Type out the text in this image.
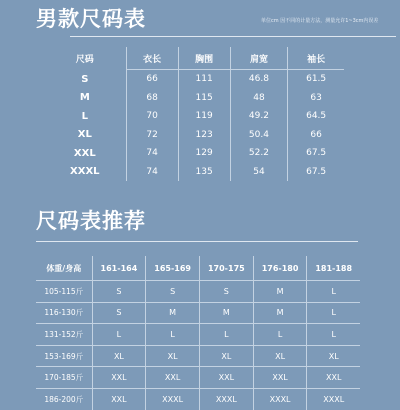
男款尺码表	单位cm 因不同的计量方法，测量允许1~3cm内误差
尺码	衣长	胸围	肩宽	袖长
S	66	111	46.8	61.5
M	68	115	48	63
L	70	119	49.2	64.5
XL	72	123	50.4	66
XXL	74	129	52.2	67.5
XXXL	74	135	54	67.5
尺码表推荐
体重/身高	161-164	165-169	170-175	176-180	181-188
105-115斤	S	S	S	M	L
116-130斤	S	M	M	M	L
131-152斤	L	L	L	L	L
153-169斤	XL	XL	XL	XL	XL
170-185斤	XXL	XXL	XXL	XXL	XXL
186-200斤	XXL	XXXL	XXXL	XXXL	XXXL
